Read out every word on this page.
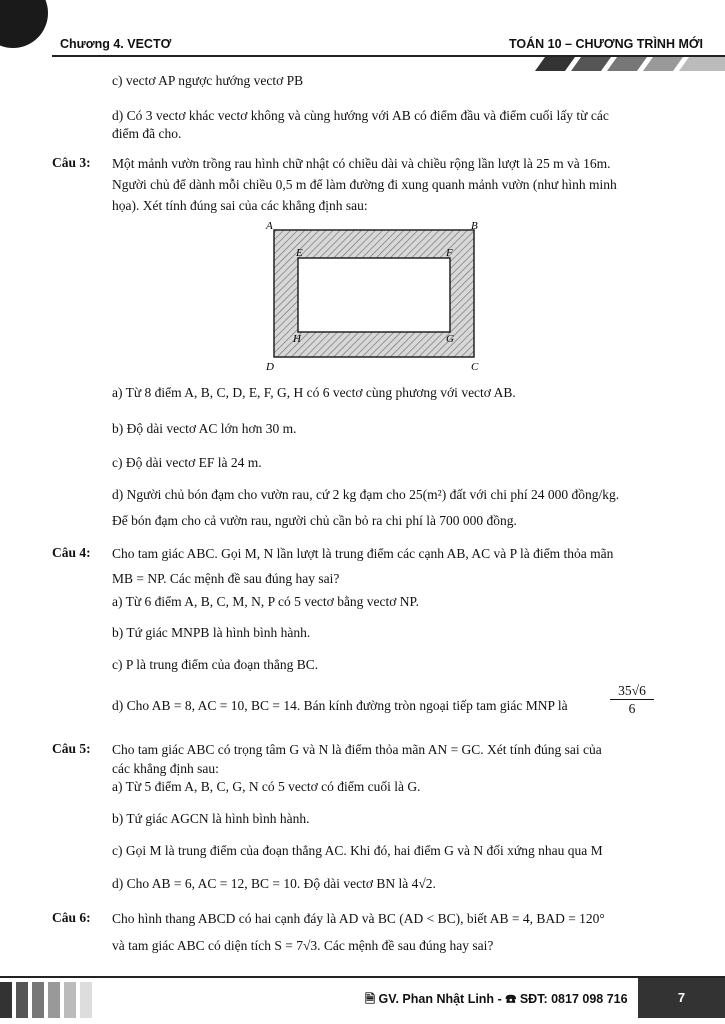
Chương 4. VECTƠ	TOÁN 10 – CHƯƠNG TRÌNH MỚI
c) vectơ AP ngược hướng vectơ PB
d) Có 3 vectơ khác vectơ không và cùng hướng với AB có điểm đầu và điểm cuối lấy từ các
điểm đã cho.
Câu 3: Một mảnh vườn trồng rau hình chữ nhật có chiều dài và chiều rộng lần lượt là 25 m và 16m.
Người chủ để dành mỗi chiều 0,5 m để làm đường đi xung quanh mảnh vườn (như hình minh
họa). Xét tính đúng sai của các khẳng định sau:
A	B
C
D
E	F
G
H
a) Từ 8 điểm A, B, C, D, E, F, G, H có 6 vectơ cùng phương với vectơ AB.
b) Độ dài vectơ AC lớn hơn 30 m.
c) Độ dài vectơ EF là 24 m.
d) Người chủ bón đạm cho vườn rau, cứ 2 kg đạm cho 25(m²) đất với chi phí 24 000 đồng/kg.
Để bón đạm cho cả vườn rau, người chủ cần bỏ ra chi phí là 700 000 đồng.
Câu 4: Cho tam giác ABC. Gọi M, N lần lượt là trung điểm các cạnh AB, AC và P là điểm thỏa mãn
MB = NP. Các mệnh đề sau đúng hay sai?
a) Từ 6 điểm A, B, C, M, N, P có 5 vectơ bằng vectơ NP.
b) Tứ giác MNPB là hình bình hành.
c) P là trung điểm của đoạn thẳng BC.
d) Cho AB = 8, AC = 10, BC = 14. Bán kính đường tròn ngoại tiếp tam giác MNP là	$\frac{35√6}{6}$
Câu 5: Cho tam giác ABC có trọng tâm G và N là điểm thỏa mãn AN = GC. Xét tính đúng sai của
các khẳng định sau:
a) Từ 5 điểm A, B, C, G, N có 5 vectơ có điểm cuối là G.
b) Tứ giác AGCN là hình bình hành.
c) Gọi M là trung điểm của đoạn thẳng AC. Khi đó, hai điểm G và N đối xứng nhau qua M
d) Cho AB = 6, AC = 12, BC = 10. Độ dài vectơ BN là 4√2.
Câu 6: Cho hình thang ABCD có hai cạnh đáy là AD và BC (AD < BC), biết AB = 4, BAD = 120°
và tam giác ABC có diện tích S = 7√3. Các mệnh đề sau đúng hay sai?
🗎 GV. Phan Nhật Linh - ☎ SĐT: 0817 098 716	7
